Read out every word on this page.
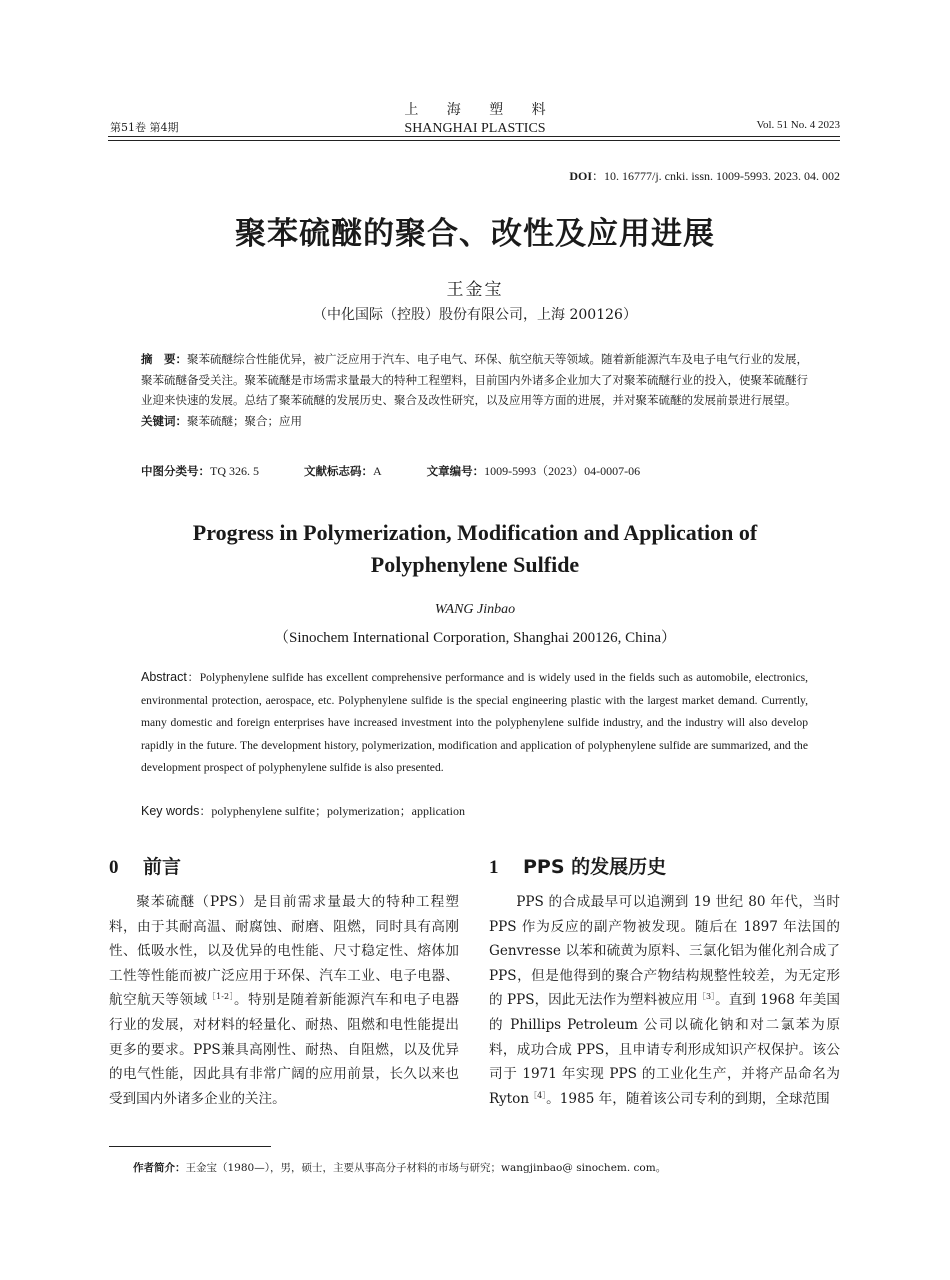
第51卷 第4期
上 海 塑 料
SHANGHAI PLASTICS	Vol. 51 No. 4 2023
DOI：10. 16777/j. cnki. issn. 1009-5993. 2023. 04. 002
聚苯硫醚的聚合、改性及应用进展
王金宝
（中化国际（控股）股份有限公司，上海 200126）
摘　要：聚苯硫醚综合性能优异，被广泛应用于汽车、电子电气、环保、航空航天等领域。随着新能源汽车及电子电气行业的发展，聚苯硫醚备受关注。聚苯硫醚是市场需求量最大的特种工程塑料，目前国内外诸多企业加大了对聚苯硫醚行业的投入，使聚苯硫醚行业迎来快速的发展。总结了聚苯硫醚的发展历史、聚合及改性研究，以及应用等方面的进展，并对聚苯硫醚的发展前景进行展望。
关键词：聚苯硫醚；聚合；应用
中图分类号：TQ 326. 5	文献标志码：A	文章编号：1009-5993（2023）04-0007-06
Progress in Polymerization, Modification and Application of Polyphenylene Sulfide
WANG Jinbao
（Sinochem International Corporation, Shanghai 200126, China）
Abstract：Polyphenylene sulfide has excellent comprehensive performance and is widely used in the fields such as automobile, electronics, environmental protection, aerospace, etc. Polyphenylene sulfide is the special engineering plastic with the largest market demand. Currently, many domestic and foreign enterprises have increased investment into the polyphenylene sulfide industry, and the industry will also develop rapidly in the future. The development history, polymerization, modification and application of polyphenylene sulfide are summarized, and the development prospect of polyphenylene sulfide is also presented.
Key words：polyphenylene sulfite；polymerization；application
0 前言	1 PPS 的发展历史

聚苯硫醚（PPS）是目前需求量最大的特种工程塑料，由于其耐高温、耐腐蚀、耐磨、阻燃，同时具有高刚性、低吸水性，以及优异的电性能、尺寸稳定性、熔体加工性等性能而被广泛应用于环保、汽车工业、电子电器、航空航天等领域$^{[1-2]}$。特别是随着新能源汽车和电子电器行业的发展，对材料的轻量化、耐热、阻燃和电性能提出更多的要求。PPS兼具高刚性、耐热、自阻燃，以及优异的电气性能，因此具有非常广阔的应用前景，长久以来也受到国内外诸多企业的关注。

PPS 的合成最早可以追溯到 19 世纪 80 年代，当时 PPS 作为反应的副产物被发现。随后在 1897 年法国的 Genvresse 以苯和硫黄为原料、三氯化铝为催化剂合成了 PPS，但是他得到的聚合产物结构规整性较差，为无定形的 PPS，因此无法作为塑料被应用$^{[3]}$。直到 1968 年美国的 Phillips Petroleum 公司以硫化钠和对二氯苯为原料，成功合成 PPS，且申请专利形成知识产权保护。该公司于 1971 年实现 PPS 的工业化生产，并将产品命名为 Ryton$^{[4]}$。1985 年，随着该公司专利的到期，全球范围

作者简介：王金宝（1980—），男，硕士，主要从事高分子材料的市场与研究；wangjinbao@ sinochem. com。
